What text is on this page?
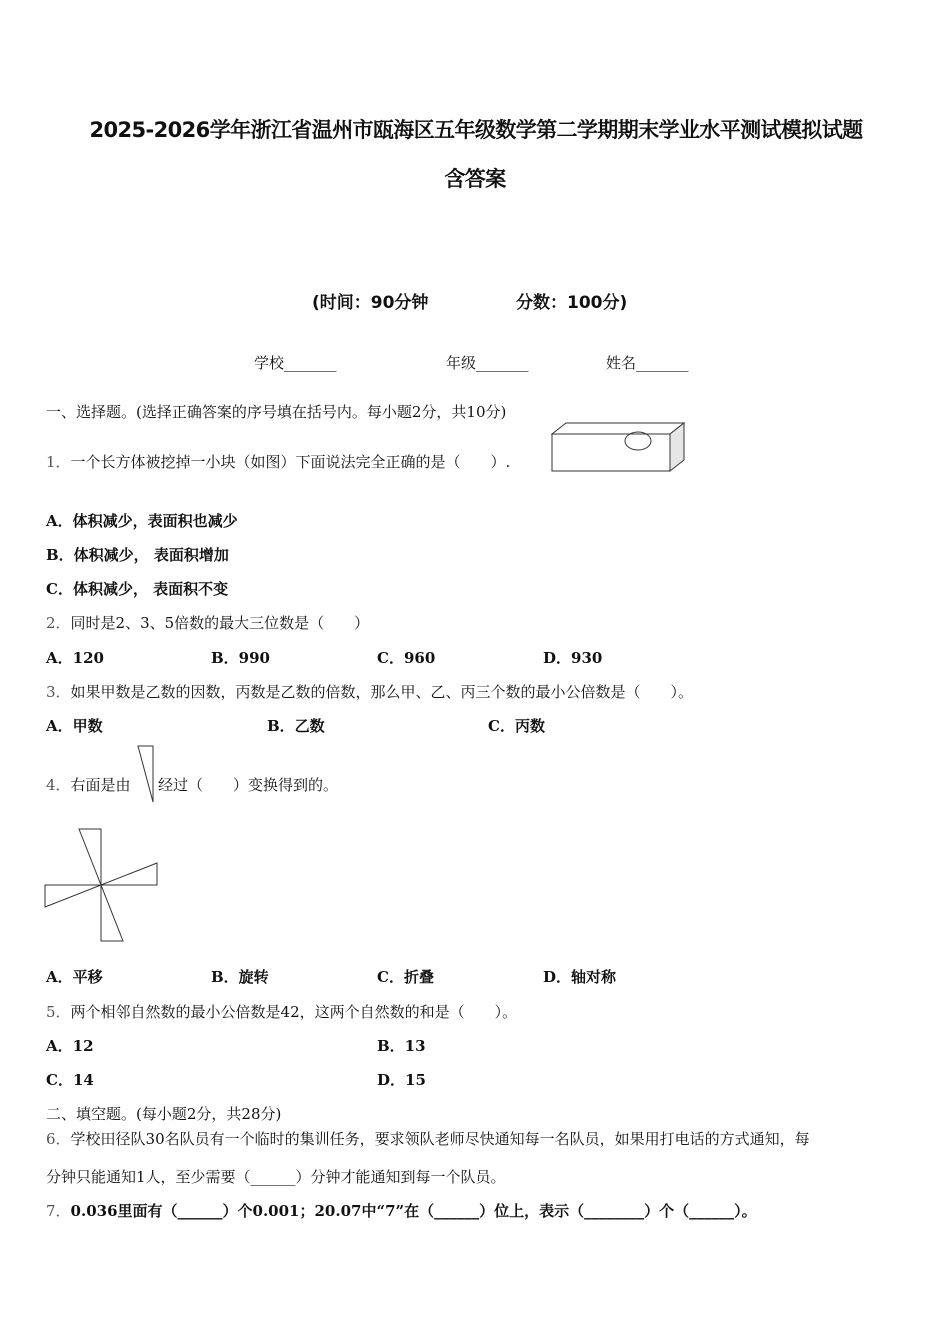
2025-2026学年浙江省温州市瓯海区五年级数学第二学期期末学业水平测试模拟试题
含答案
(时间：90分钟	分数：100分)
学校_______	年级_______	姓名_______
一、选择题。(选择正确答案的序号填在括号内。每小题2分，共10分)
1．一个长方体被挖掉一小块（如图）下面说法完全正确的是（　　）.
A．体积减少，表面积也减少
B．体积减少， 表面积增加
C．体积减少， 表面积不变
2．同时是2、3、5倍数的最大三位数是（　　）
A．120	B．990	C．960	D．930
3．如果甲数是乙数的因数，丙数是乙数的倍数，那么甲、乙、丙三个数的最小公倍数是（　　）。
A．甲数	B．乙数	C．丙数
4．右面是由 经过（　　）变换得到的。
A．平移	B．旋转	C．折叠	D．轴对称
5．两个相邻自然数的最小公倍数是42，这两个自然数的和是（　　）。
A．12	B．13
C．14	D．15
二、填空题。(每小题2分，共28分)
6．学校田径队30名队员有一个临时的集训任务，要求领队老师尽快通知每一名队员，如果用打电话的方式通知，每
分钟只能通知1人，至少需要（______）分钟才能通知到每一个队员。
7．0.036里面有（______）个0.001；20.07中“7”在（______）位上，表示（________）个（______）。
